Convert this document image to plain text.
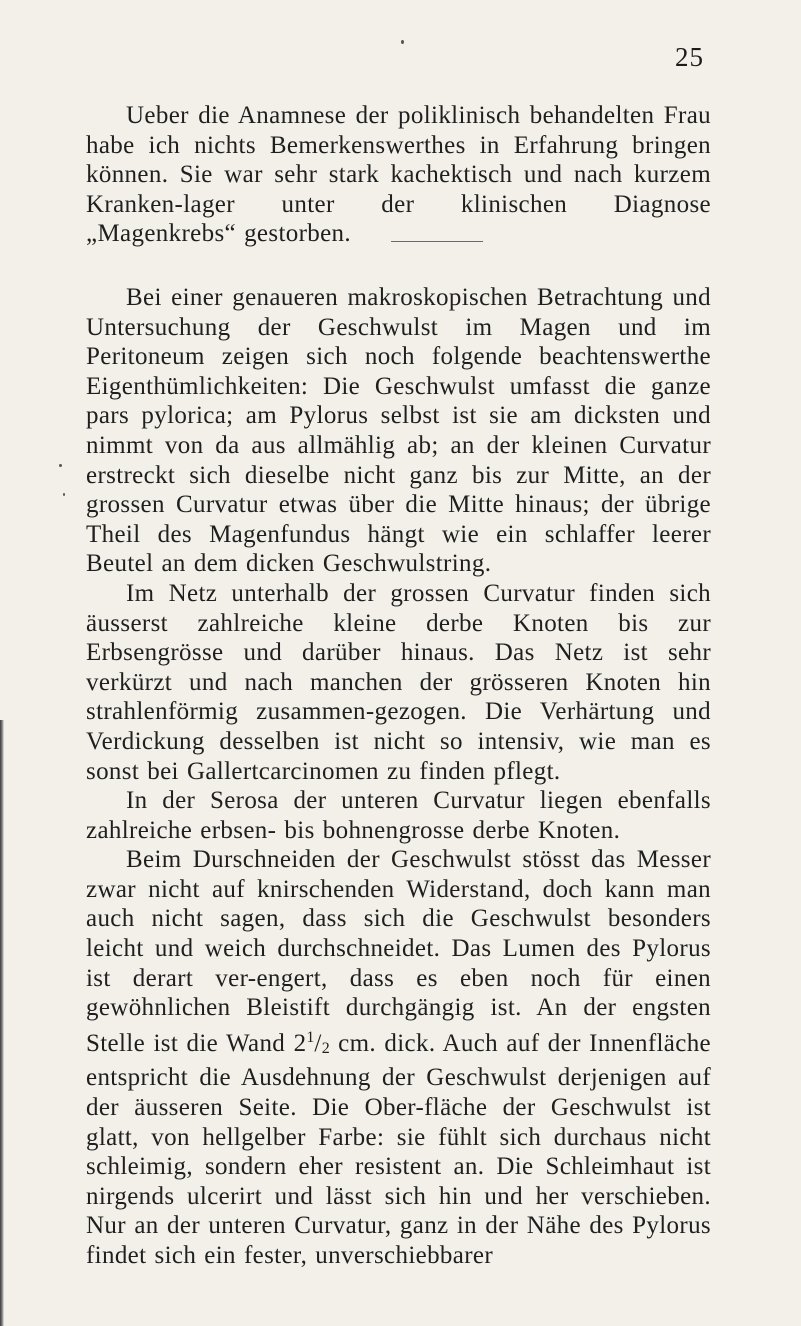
25

Ueber die Anamnese der poliklinisch behandelten Frau habe ich nichts Bemerkenswerthes in Erfahrung bringen können. Sie war sehr stark kachektisch und nach kurzem Kranken-lager unter der klinischen Diagnose „Magenkrebs“ gestorben.

Bei einer genaueren makroskopischen Betrachtung und Untersuchung der Geschwulst im Magen und im Peritoneum zeigen sich noch folgende beachtenswerthe Eigenthümlichkeiten: Die Geschwulst umfasst die ganze pars pylorica; am Pylorus selbst ist sie am dicksten und nimmt von da aus allmählig ab; an der kleinen Curvatur erstreckt sich dieselbe nicht ganz bis zur Mitte, an der grossen Curvatur etwas über die Mitte hinaus; der übrige Theil des Magenfundus hängt wie ein schlaffer leerer Beutel an dem dicken Geschwulstring.

Im Netz unterhalb der grossen Curvatur finden sich äusserst zahlreiche kleine derbe Knoten bis zur Erbsengrösse und darüber hinaus. Das Netz ist sehr verkürzt und nach manchen der grösseren Knoten hin strahlenförmig zusammen-gezogen. Die Verhärtung und Verdickung desselben ist nicht so intensiv, wie man es sonst bei Gallertcarcinomen zu finden pflegt.

In der Serosa der unteren Curvatur liegen ebenfalls zahlreiche erbsen- bis bohnengrosse derbe Knoten.

Beim Durschneiden der Geschwulst stösst das Messer zwar nicht auf knirschenden Widerstand, doch kann man auch nicht sagen, dass sich die Geschwulst besonders leicht und weich durchschneidet. Das Lumen des Pylorus ist derart ver-engert, dass es eben noch für einen gewöhnlichen Bleistift durchgängig ist. An der engsten Stelle ist die Wand $2^1/2$ cm. dick. Auch auf der Innenfläche entspricht die Ausdehnung der Geschwulst derjenigen auf der äusseren Seite. Die Ober-fläche der Geschwulst ist glatt, von hellgelber Farbe: sie fühlt sich durchaus nicht schleimig, sondern eher resistent an. Die Schleimhaut ist nirgends ulcerirt und lässt sich hin und her verschieben. Nur an der unteren Curvatur, ganz in der Nähe des Pylorus findet sich ein fester, unverschiebbarer
